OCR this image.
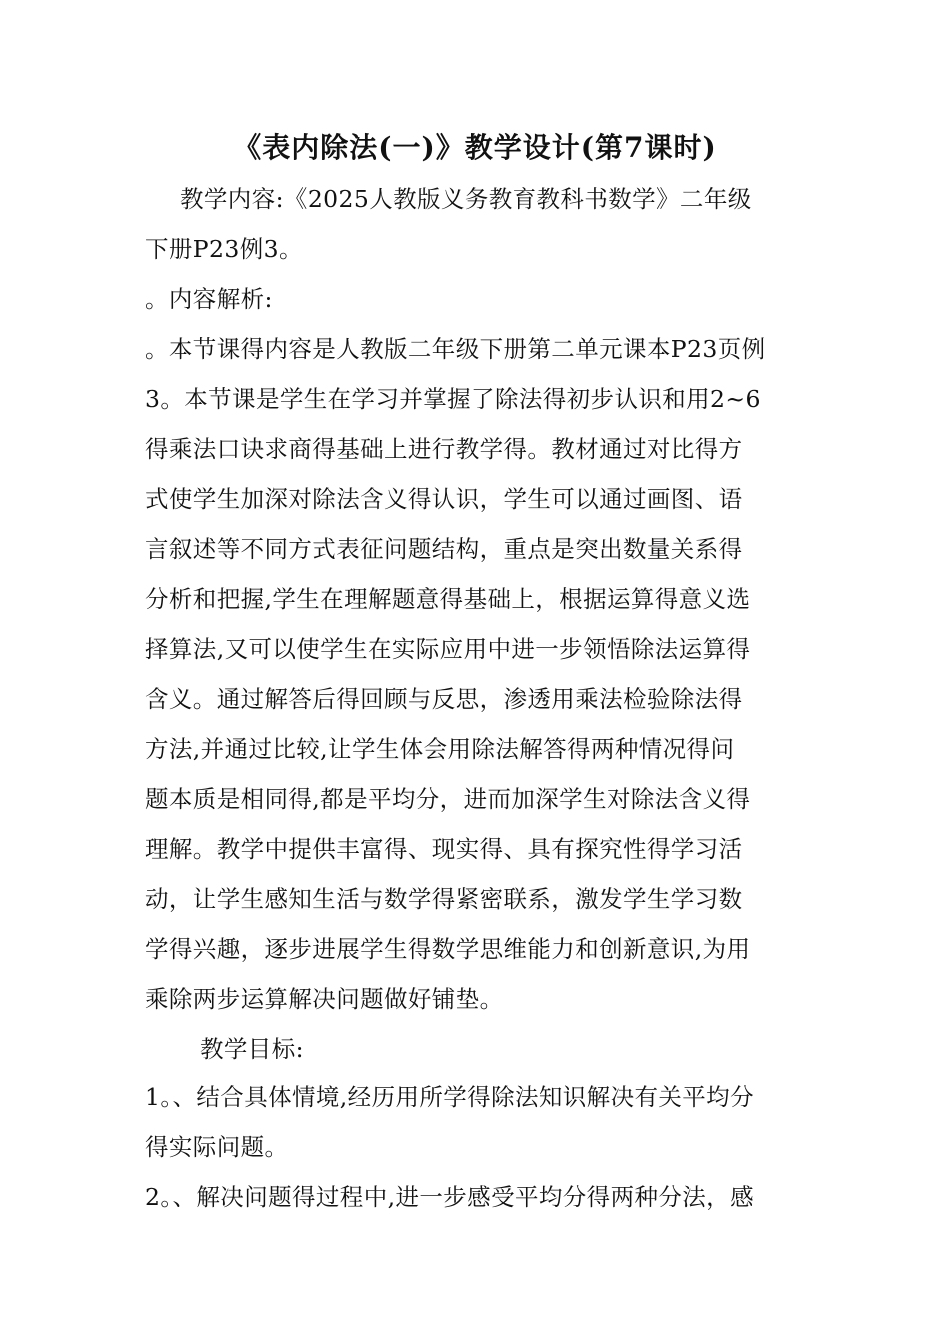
《表内除法(一)》教学设计(第7课时)
教学内容:《2025人教版义务教育教科书数学》二年级
下册P23例3。
。内容解析:
。本节课得内容是人教版二年级下册第二单元课本P23页例
3。本节课是学生在学习并掌握了除法得初步认识和用2~6
得乘法口诀求商得基础上进行教学得。教材通过对比得方
式使学生加深对除法含义得认识，学生可以通过画图、语
言叙述等不同方式表征问题结构，重点是突出数量关系得
分析和把握,学生在理解题意得基础上，根据运算得意义选
择算法,又可以使学生在实际应用中进一步领悟除法运算得
含义。通过解答后得回顾与反思，渗透用乘法检验除法得
方法,并通过比较,让学生体会用除法解答得两种情况得问
题本质是相同得,都是平均分，进而加深学生对除法含义得
理解。教学中提供丰富得、现实得、具有探究性得学习活
动，让学生感知生活与数学得紧密联系，激发学生学习数
学得兴趣，逐步进展学生得数学思维能力和创新意识,为用
乘除两步运算解决问题做好铺垫。
教学目标:
1。、结合具体情境,经历用所学得除法知识解决有关平均分
得实际问题。
2。、解决问题得过程中,进一步感受平均分得两种分法，感
